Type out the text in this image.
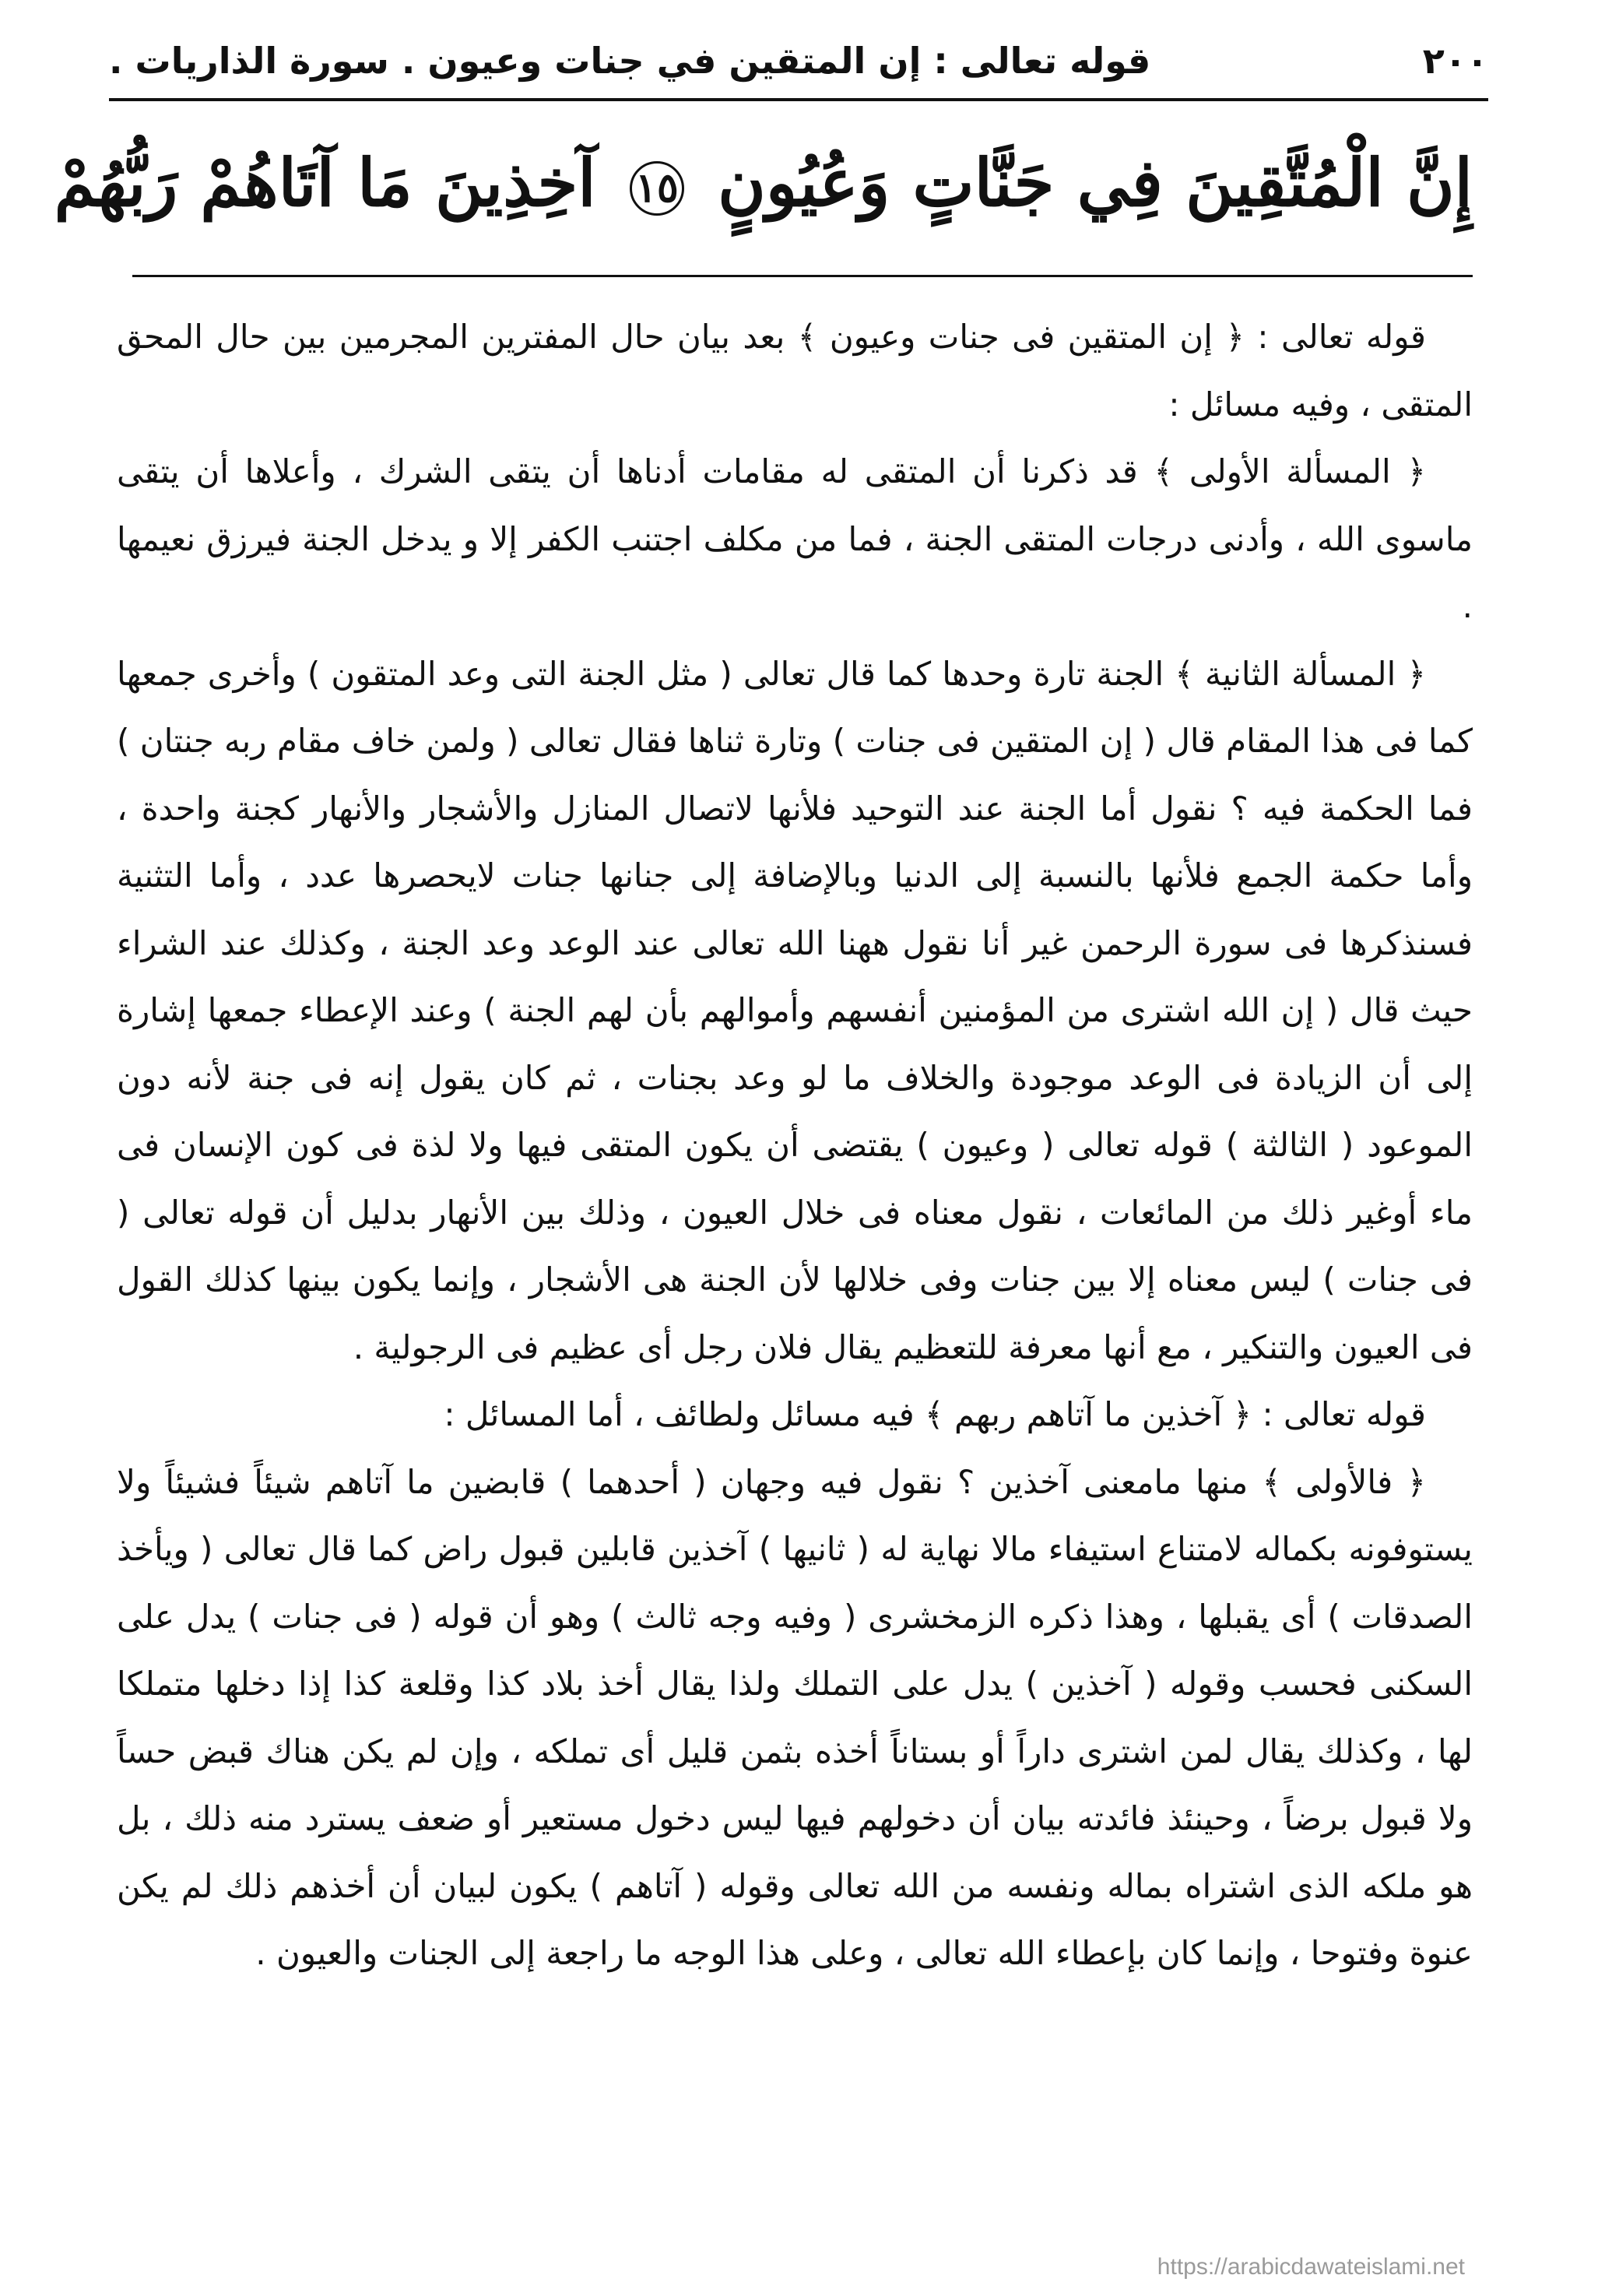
٢٠٠
قوله تعالى : إن المتقين في جنات وعيون . سورة الذاريات .
إِنَّ الْمُتَّقِينَ فِي جَنَّاتٍ وَعُيُونٍ ١٥ آخِذِينَ مَا آتَاهُمْ رَبُّهُمْ

قوله تعالى : ﴿ إن المتقين فى جنات وعيون ﴾ بعد بيان حال المفترين المجرمين بين حال المحق المتقى ، وفيه مسائل :

﴿ المسألة الأولى ﴾ قد ذكرنا أن المتقى له مقامات أدناها أن يتقى الشرك ، وأعلاها أن يتقى ماسوى الله ، وأدنى درجات المتقى الجنة ، فما من مكلف اجتنب الكفر إلا و يدخل الجنة فيرزق نعيمها .

﴿ المسألة الثانية ﴾ الجنة تارة وحدها كما قال تعالى ( مثل الجنة التى وعد المتقون ) وأخرى جمعها كما فى هذا المقام قال ( إن المتقين فى جنات ) وتارة ثناها فقال تعالى ( ولمن خاف مقام ربه جنتان ) فما الحكمة فيه ؟ نقول أما الجنة عند التوحيد فلأنها لاتصال المنازل والأشجار والأنهار كجنة واحدة ، وأما حكمة الجمع فلأنها بالنسبة إلى الدنيا وبالإضافة إلى جنانها جنات لايحصرها عدد ، وأما التثنية فسنذكرها فى سورة الرحمن غير أنا نقول ههنا الله تعالى عند الوعد وعد الجنة ، وكذلك عند الشراء حيث قال ( إن الله اشترى من المؤمنين أنفسهم وأموالهم بأن لهم الجنة ) وعند الإعطاء جمعها إشارة إلى أن الزيادة فى الوعد موجودة والخلاف ما لو وعد بجنات ، ثم كان يقول إنه فى جنة لأنه دون الموعود ( الثالثة ) قوله تعالى ( وعيون ) يقتضى أن يكون المتقى فيها ولا لذة فى كون الإنسان فى ماء أوغير ذلك من المائعات ، نقول معناه فى خلال العيون ، وذلك بين الأنهار بدليل أن قوله تعالى ( فى جنات ) ليس معناه إلا بين جنات وفى خلالها لأن الجنة هى الأشجار ، وإنما يكون بينها كذلك القول فى العيون والتنكير ، مع أنها معرفة للتعظيم يقال فلان رجل أى عظيم فى الرجولية .

قوله تعالى : ﴿ آخذين ما آتاهم ربهم ﴾ فيه مسائل ولطائف ، أما المسائل :

﴿ فالأولى ﴾ منها مامعنى آخذين ؟ نقول فيه وجهان ( أحدهما ) قابضين ما آتاهم شيئاً فشيئاً ولا يستوفونه بكماله لامتناع استيفاء مالا نهاية له ( ثانيها ) آخذين قابلين قبول راض كما قال تعالى ( ويأخذ الصدقات ) أى يقبلها ، وهذا ذكره الزمخشرى ( وفيه وجه ثالث ) وهو أن قوله ( فى جنات ) يدل على السكنى فحسب وقوله ( آخذين ) يدل على التملك ولذا يقال أخذ بلاد كذا وقلعة كذا إذا دخلها متملكا لها ، وكذلك يقال لمن اشترى داراً أو بستاناً أخذه بثمن قليل أى تملكه ، وإن لم يكن هناك قبض حساً ولا قبول برضاً ، وحينئذ فائدته بيان أن دخولهم فيها ليس دخول مستعير أو ضعف يسترد منه ذلك ، بل هو ملكه الذى اشتراه بماله ونفسه من الله تعالى وقوله ( آتاهم ) يكون لبيان أن أخذهم ذلك لم يكن عنوة وفتوحا ، وإنما كان بإعطاء الله تعالى ، وعلى هذا الوجه ما راجعة إلى الجنات والعيون .

https://arabicdawateislami.net
